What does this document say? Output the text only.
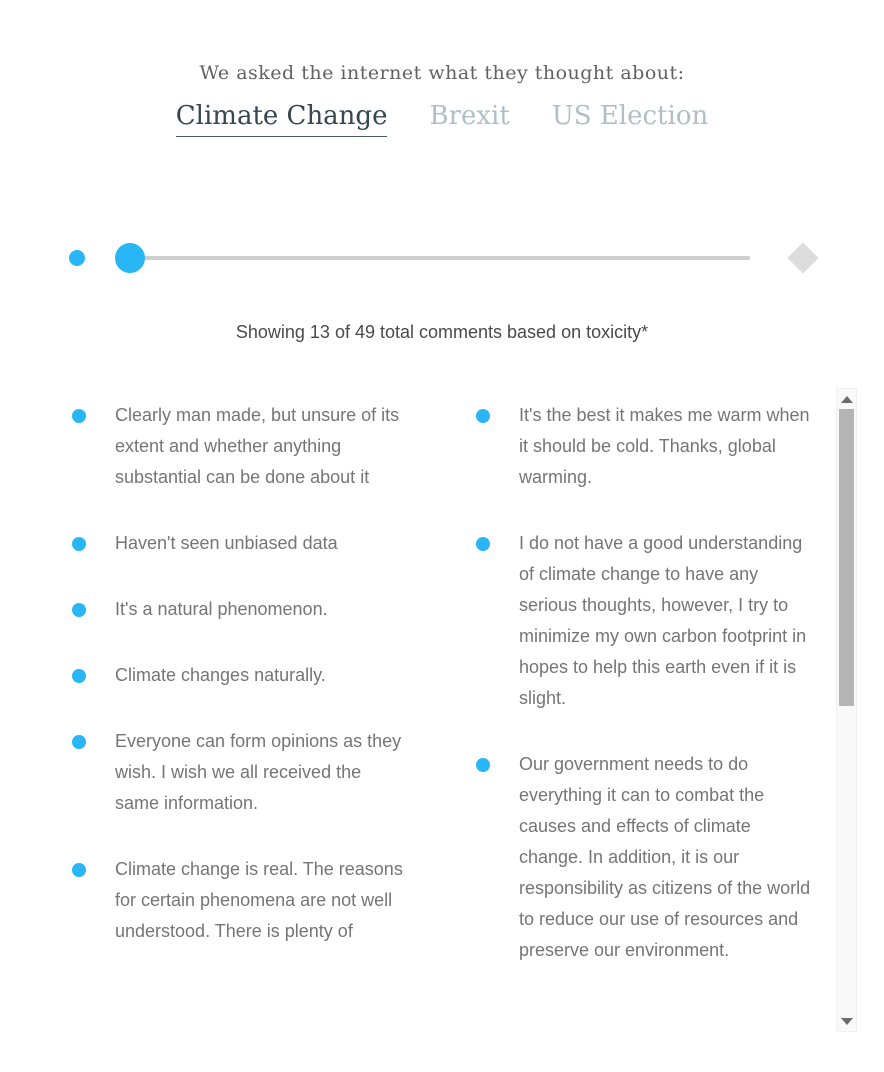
We asked the internet what they thought about:
Climate Change Brexit US Election
Showing 13 of 49 total comments based on toxicity*

Clearly man made, but unsure of its extent and whether anything substantial can be done about it

Haven't seen unbiased data

It's a natural phenomenon.

Climate changes naturally.

Everyone can form opinions as they wish. I wish we all received the same information.

Climate change is real. The reasons for certain phenomena are not well understood. There is plenty of

It's the best it makes me warm when it should be cold. Thanks, global warming.

I do not have a good understanding of climate change to have any serious thoughts, however, I try to minimize my own carbon footprint in hopes to help this earth even if it is slight.

Our government needs to do everything it can to combat the causes and effects of climate change. In addition, it is our responsibility as citizens of the world to reduce our use of resources and preserve our environment.
